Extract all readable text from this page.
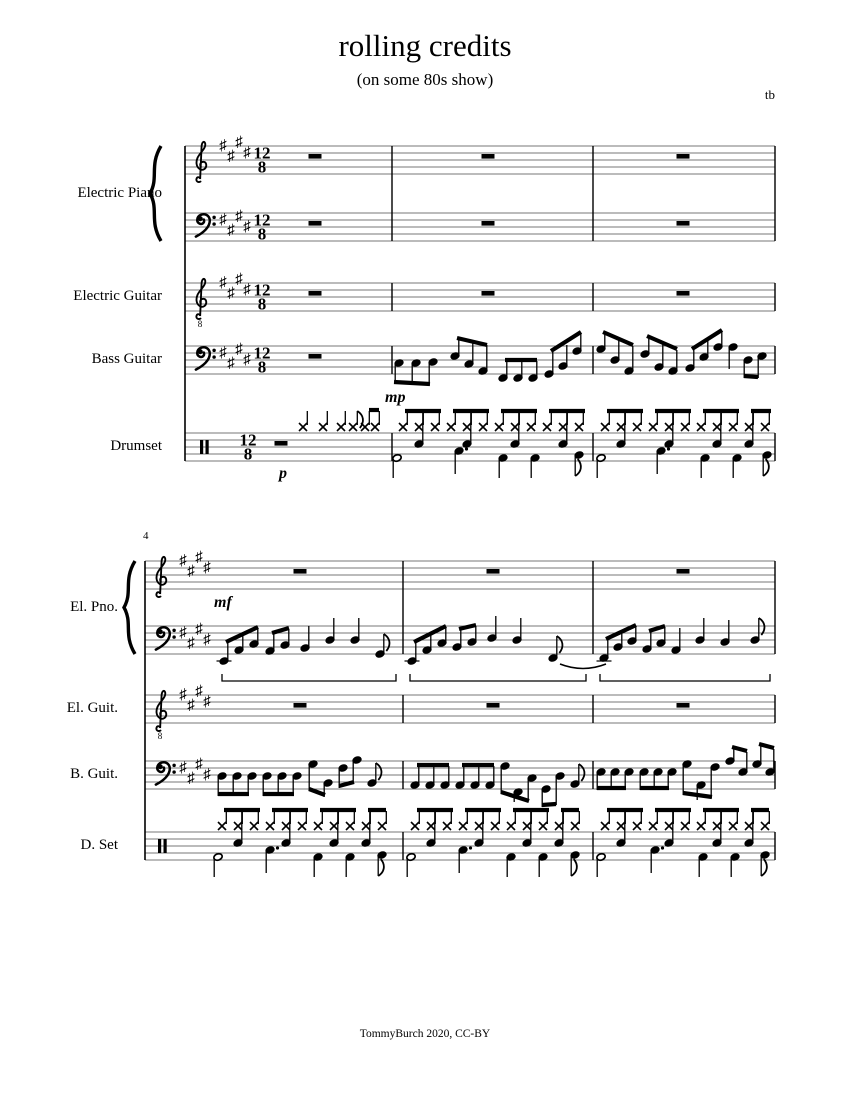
8
♯
♯
♯
♯
♯
♯
♯
♯
♯
♯
♯
♯
♯
♯
♯
♯
12
8
12
8
12
8
12
8
12
8
8
♯
♯
♯
♯
♯
♯
♯
♯
♯
♯
♯
♯
♯
♯
♯
♯
rolling credits
(on some 80s show)
tb
4
Electric Piano
Electric Guitar
Bass Guitar
Drumset
El. Pno.
El. Guit.
B. Guit.
D. Set
mp
p
mf
TommyBurch 2020, CC-BY
